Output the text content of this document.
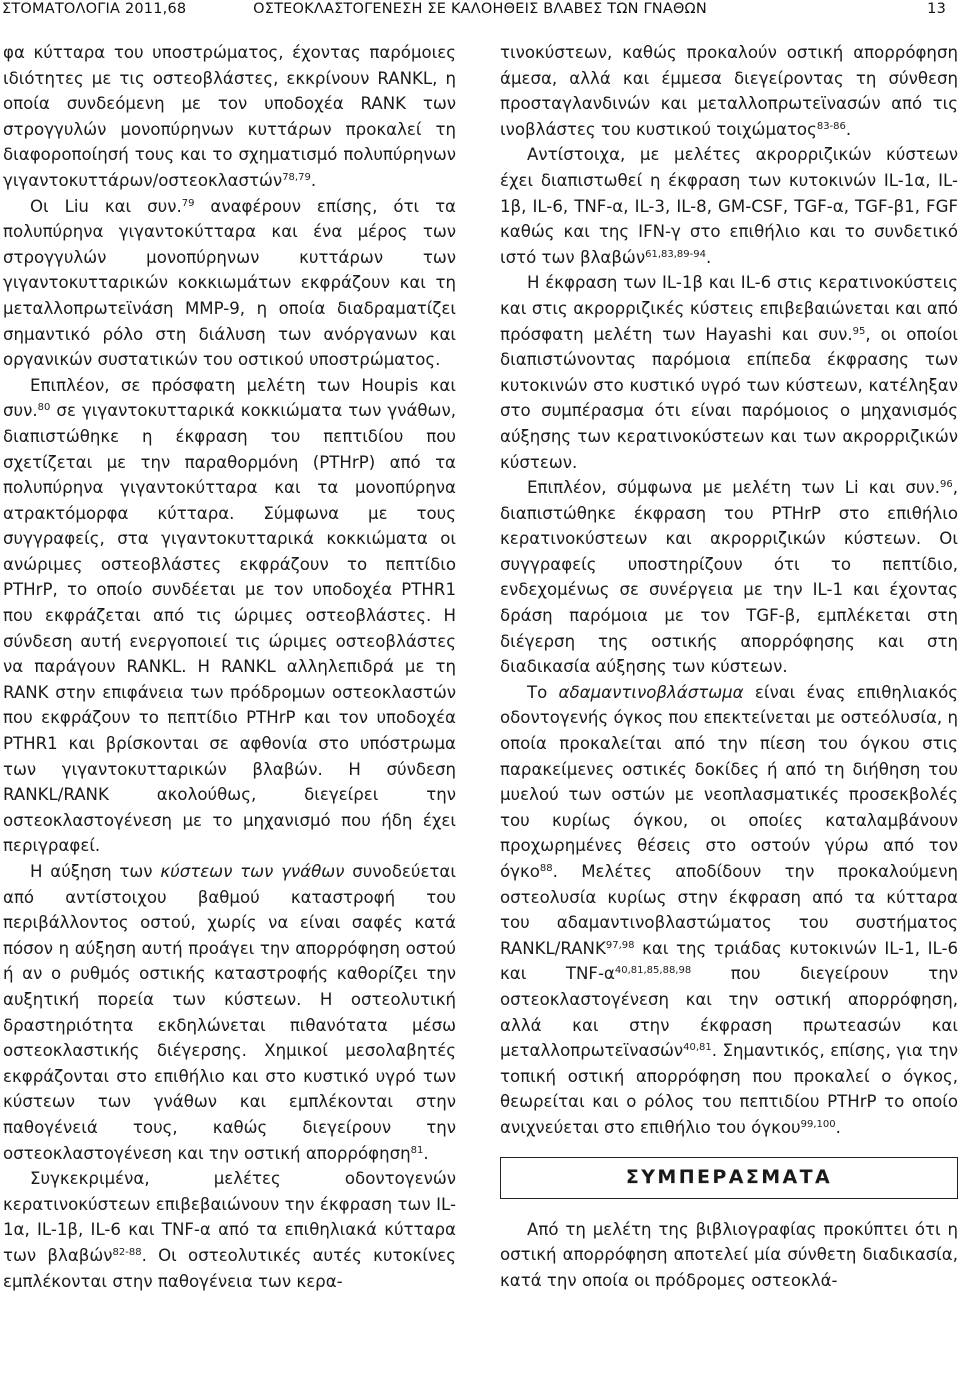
ΣΤΟΜΑΤΟΛΟΓΙΑ 2011,68	ΟΣΤΕΟΚΛΑΣΤΟΓΕΝΕΣΗ ΣΕ ΚΑΛΟΗΘΕΙΣ ΒΛΑΒΕΣ ΤΩΝ ΓΝΑΘΩΝ	13

φα κύτταρα του υποστρώματος, έχοντας παρόμοιες ιδιότητες με τις οστεοβλάστες, εκκρίνουν RANKL, η οποία συνδεόμενη με τον υποδοχέα RANK των στρογγυλών μονοπύρηνων κυττάρων προκαλεί τη διαφοροποίησή τους και το σχηματισμό πολυπύρηνων γιγαντοκυττάρων/οστεοκλαστών$^{78,79}$.

Οι Liu και συν.$^{79}$ αναφέρουν επίσης, ότι τα πολυπύρηνα γιγαντοκύτταρα και ένα μέρος των στρογγυλών μονοπύρηνων κυττάρων των γιγαντοκυτταρικών κοκκιωμάτων εκφράζουν και τη μεταλλοπρωτεϊνάση MMP-9, η οποία διαδραματίζει σημαντικό ρόλο στη διάλυση των ανόργανων και οργανικών συστατικών του οστικού υποστρώματος.

Επιπλέον, σε πρόσφατη μελέτη των Houpis και συν.$^{80}$ σε γιγαντοκυτταρικά κοκκιώματα των γνάθων, διαπιστώθηκε η έκφραση του πεπτιδίου που σχετίζεται με την παραθορμόνη (PTHrP) από τα πολυπύρηνα γιγαντοκύτταρα και τα μονοπύρηνα ατρακτόμορφα κύτταρα. Σύμφωνα με τους συγγραφείς, στα γιγαντοκυτταρικά κοκκιώματα οι ανώριμες οστεοβλάστες εκφράζουν το πεπτίδιο PTHrP, το οποίο συνδέεται με τον υποδοχέα PTHR1 που εκφράζεται από τις ώριμες οστεοβλάστες. Η σύνδεση αυτή ενεργοποιεί τις ώριμες οστεοβλάστες να παράγουν RANKL. Η RANKL αλληλεπιδρά με τη RANK στην επιφάνεια των πρόδρομων οστεοκλαστών που εκφράζουν το πεπτίδιο PTHrP και τον υποδοχέα PTHR1 και βρίσκονται σε αφθονία στο υπόστρωμα των γιγαντοκυτταρικών βλαβών. Η σύνδεση RANKL/RANK ακολούθως, διεγείρει την οστεοκλαστογένεση με το μηχανισμό που ήδη έχει περιγραφεί.

Η αύξηση των κύστεων των γνάθων συνοδεύεται από αντίστοιχου βαθμού καταστροφή του περιβάλλοντος οστού, χωρίς να είναι σαφές κατά πόσον η αύξηση αυτή προάγει την απορρόφηση οστού ή αν ο ρυθμός οστικής καταστροφής καθορίζει την αυξητική πορεία των κύστεων. Η οστεολυτική δραστηριότητα εκδηλώνεται πιθανότατα μέσω οστεοκλαστικής διέγερσης. Χημικοί μεσολαβητές εκφράζονται στο επιθήλιο και στο κυστικό υγρό των κύστεων των γνάθων και εμπλέκονται στην παθογένειά τους, καθώς διεγείρουν την οστεοκλαστογένεση και την οστική απορρόφηση$^{81}$.

Συγκεκριμένα, μελέτες οδοντογενών κερατινοκύστεων επιβεβαιώνουν την έκφραση των IL-1α, IL-1β, IL-6 και TNF-α από τα επιθηλιακά κύτταρα των βλαβών$^{82-88}$. Οι οστεολυτικές αυτές κυτοκίνες εμπλέκονται στην παθογένεια των κερα-

τινοκύστεων, καθώς προκαλούν οστική απορρόφηση άμεσα, αλλά και έμμεσα διεγείροντας τη σύνθεση προσταγλανδινών και μεταλλοπρωτεϊνασών από τις ινοβλάστες του κυστικού τοιχώματος$^{83-86}$.

Αντίστοιχα, με μελέτες ακρορριζικών κύστεων έχει διαπιστωθεί η έκφραση των κυτοκινών IL-1α, IL-1β, IL-6, TNF-α, IL-3, IL-8, GM-CSF, TGF-α, TGF-β1, FGF καθώς και της IFN-γ στο επιθήλιο και το συνδετικό ιστό των βλαβών$^{61,83,89-94}$.

Η έκφραση των IL-1β και IL-6 στις κερατινοκύστεις και στις ακρορριζικές κύστεις επιβεβαιώνεται και από πρόσφατη μελέτη των Hayashi και συν.$^{95}$, οι οποίοι διαπιστώνοντας παρόμοια επίπεδα έκφρασης των κυτοκινών στο κυστικό υγρό των κύστεων, κατέληξαν στο συμπέρασμα ότι είναι παρόμοιος ο μηχανισμός αύξησης των κερατινοκύστεων και των ακρορριζικών κύστεων.

Επιπλέον, σύμφωνα με μελέτη των Li και συν.$^{96}$, διαπιστώθηκε έκφραση του PTHrP στο επιθήλιο κερατινοκύστεων και ακρορριζικών κύστεων. Οι συγγραφείς υποστηρίζουν ότι το πεπτίδιο, ενδεχομένως σε συνέργεια με την IL-1 και έχοντας δράση παρόμοια με τον TGF-β, εμπλέκεται στη διέγερση της οστικής απορρόφησης και στη διαδικασία αύξησης των κύστεων.

Το αδαμαντινοβλάστωμα είναι ένας επιθηλιακός οδοντογενής όγκος που επεκτείνεται με οστεόλυσία, η οποία προκαλείται από την πίεση του όγκου στις παρακείμενες οστικές δοκίδες ή από τη διήθηση του μυελού των οστών με νεοπλασματικές προσεκβολές του κυρίως όγκου, οι οποίες καταλαμβάνουν προχωρημένες θέσεις στο οστούν γύρω από τον όγκο$^{88}$. Μελέτες αποδίδουν την προκαλούμενη οστεολυσία κυρίως στην έκφραση από τα κύτταρα του αδαμαντινοβλαστώματος του συστήματος RANKL/RANK$^{97,98}$ και της τριάδας κυτοκινών IL-1, IL-6 και TNF-$\alpha^{40,81,85,88,98}$ που διεγείρουν την οστεοκλαστογένεση και την οστική απορρόφηση, αλλά και στην έκφραση πρωτεασών και μεταλλοπρωτεϊνασών$^{40,81}$. Σημαντικός, επίσης, για την τοπική οστική απορρόφηση που προκαλεί ο όγκος, θεωρείται και ο ρόλος του πεπτιδίου PTHrP το οποίο ανιχνεύεται στο επιθήλιο του όγκου$^{99,100}$.

ΣΥΜΠΕΡΑΣΜΑΤΑ

Από τη μελέτη της βιβλιογραφίας προκύπτει ότι η οστική απορρόφηση αποτελεί μία σύνθετη διαδικασία, κατά την οποία οι πρόδρομες οστεοκλά-
